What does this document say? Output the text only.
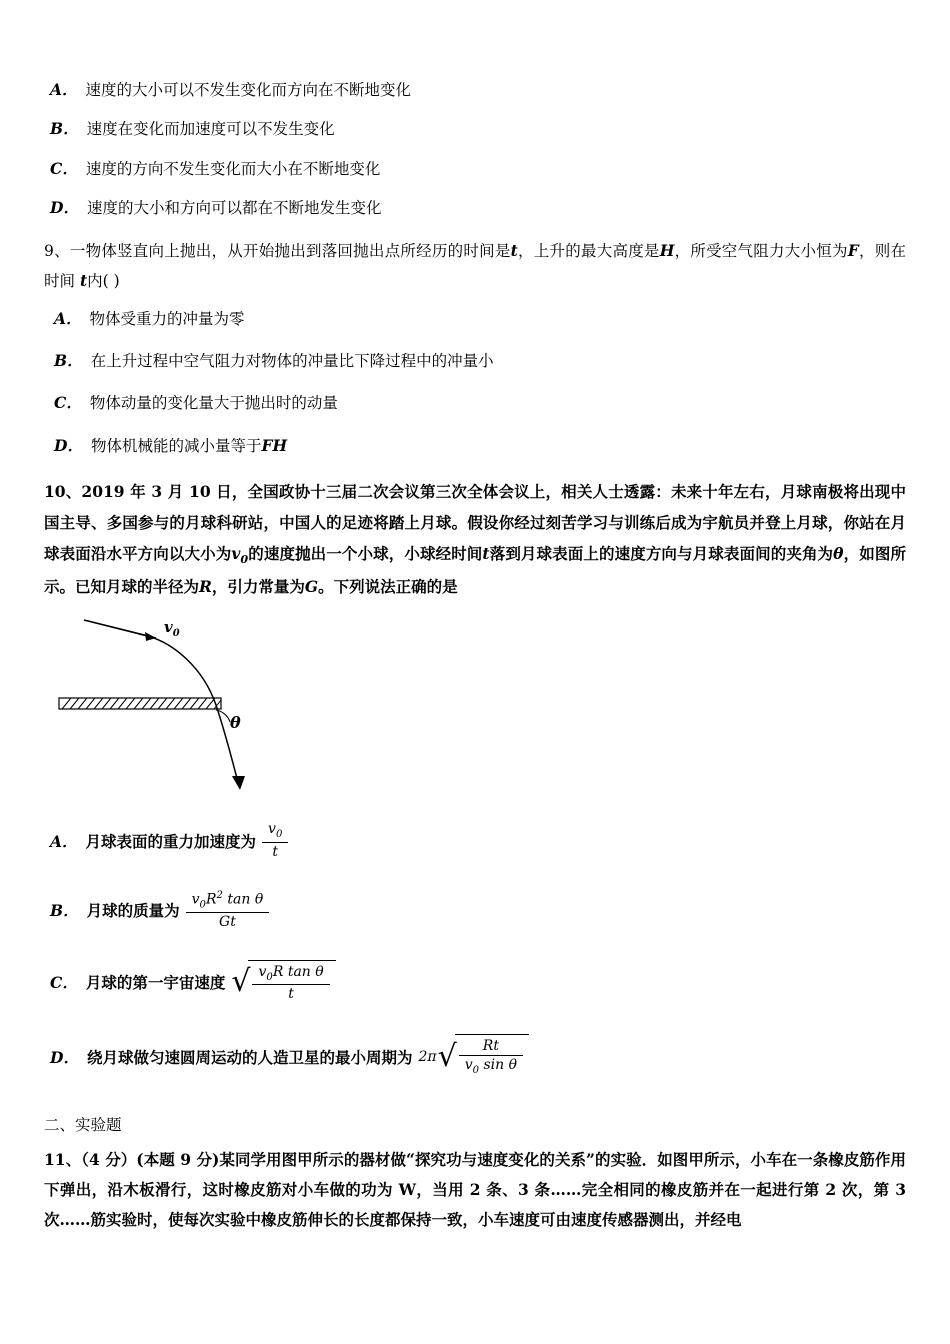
A． 速度的大小可以不发生变化而方向在不断地变化
B． 速度在变化而加速度可以不发生变化
C． 速度的方向不发生变化而大小在不断地变化
D． 速度的大小和方向可以都在不断地发生变化
9、一物体竖直向上抛出，从开始抛出到落回抛出点所经历的时间是t，上升的最大高度是H，所受空气阻力大小恒为F，则在时间 t内( )
A． 物体受重力的冲量为零
B． 在上升过程中空气阻力对物体的冲量比下降过程中的冲量小
C． 物体动量的变化量大于抛出时的动量
D． 物体机械能的减小量等于FH
10、2019 年 3 月 10 日，全国政协十三届二次会议第三次全体会议上，相关人士透露：未来十年左右，月球南极将出现中国主导、多国参与的月球科研站，中国人的足迹将踏上月球。假设你经过刻苦学习与训练后成为宇航员并登上月球，你站在月球表面沿水平方向以大小为$v_0$的速度抛出一个小球，小球经时间t落到月球表面上的速度方向与月球表面间的夹角为θ，如图所示。已知月球的半径为R，引力常量为G。下列说法正确的是
$v_0$
θ
A． 月球表面的重力加速度为 $\frac{v_0}{t}$
B． 月球的质量为 $\frac{v_0R^2 \tan \theta}{Gt}$
C． 月球的第一宇宙速度 √ $\frac{v_0R \tan \theta}{t}$
D． 绕月球做匀速圆周运动的人造卫星的最小周期为 2π √ $\frac{Rt}{v_0 \sin \theta}$
二、实验题
11、（4 分）(本题 9 分)某同学用图甲所示的器材做“探究功与速度变化的关系”的实验．如图甲所示，小车在一条橡皮筋作用下弹出，沿木板滑行，这时橡皮筋对小车做的功为 W，当用 2 条、3 条……完全相同的橡皮筋并在一起进行第 2 次，第 3 次……筋实验时，使每次实验中橡皮筋伸长的长度都保持一致，小车速度可由速度传感器测出，并经电
